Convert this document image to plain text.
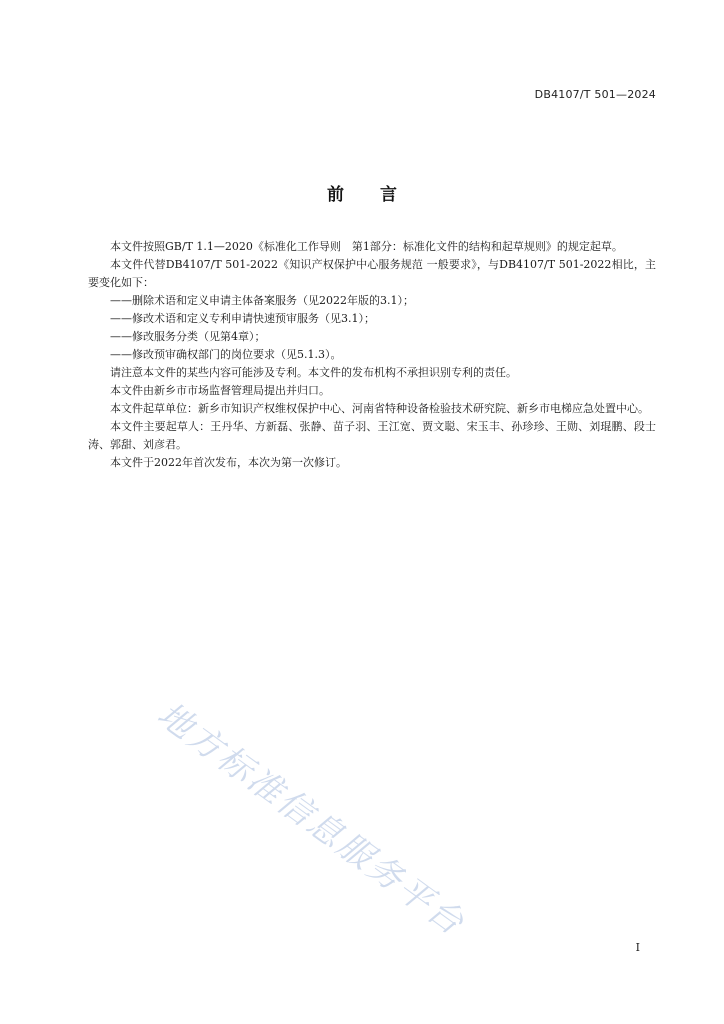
DB4107/T 501—2024
前言

本文件按照GB/T 1.1—2020《标准化工作导则　第1部分：标准化文件的结构和起草规则》的规定起草。

本文件代替DB4107/T 501-2022《知识产权保护中心服务规范 一般要求》，与DB4107/T 501-2022相比，主要变化如下：

——删除术语和定义申请主体备案服务（见2022年版的3.1）；

——修改术语和定义专利申请快速预审服务（见3.1）；

——修改服务分类（见第4章）；

——修改预审确权部门的岗位要求（见5.1.3）。

请注意本文件的某些内容可能涉及专利。本文件的发布机构不承担识别专利的责任。

本文件由新乡市市场监督管理局提出并归口。

本文件起草单位：新乡市知识产权维权保护中心、河南省特种设备检验技术研究院、新乡市电梯应急处置中心。

本文件主要起草人：王丹华、方新磊、张静、苗子羽、王江宽、贾文聪、宋玉丰、孙珍珍、王勋、刘琨鹏、段士涛、郭甜、刘彦君。

本文件于2022年首次发布，本次为第一次修订。

地方标准信息服务平台
I
